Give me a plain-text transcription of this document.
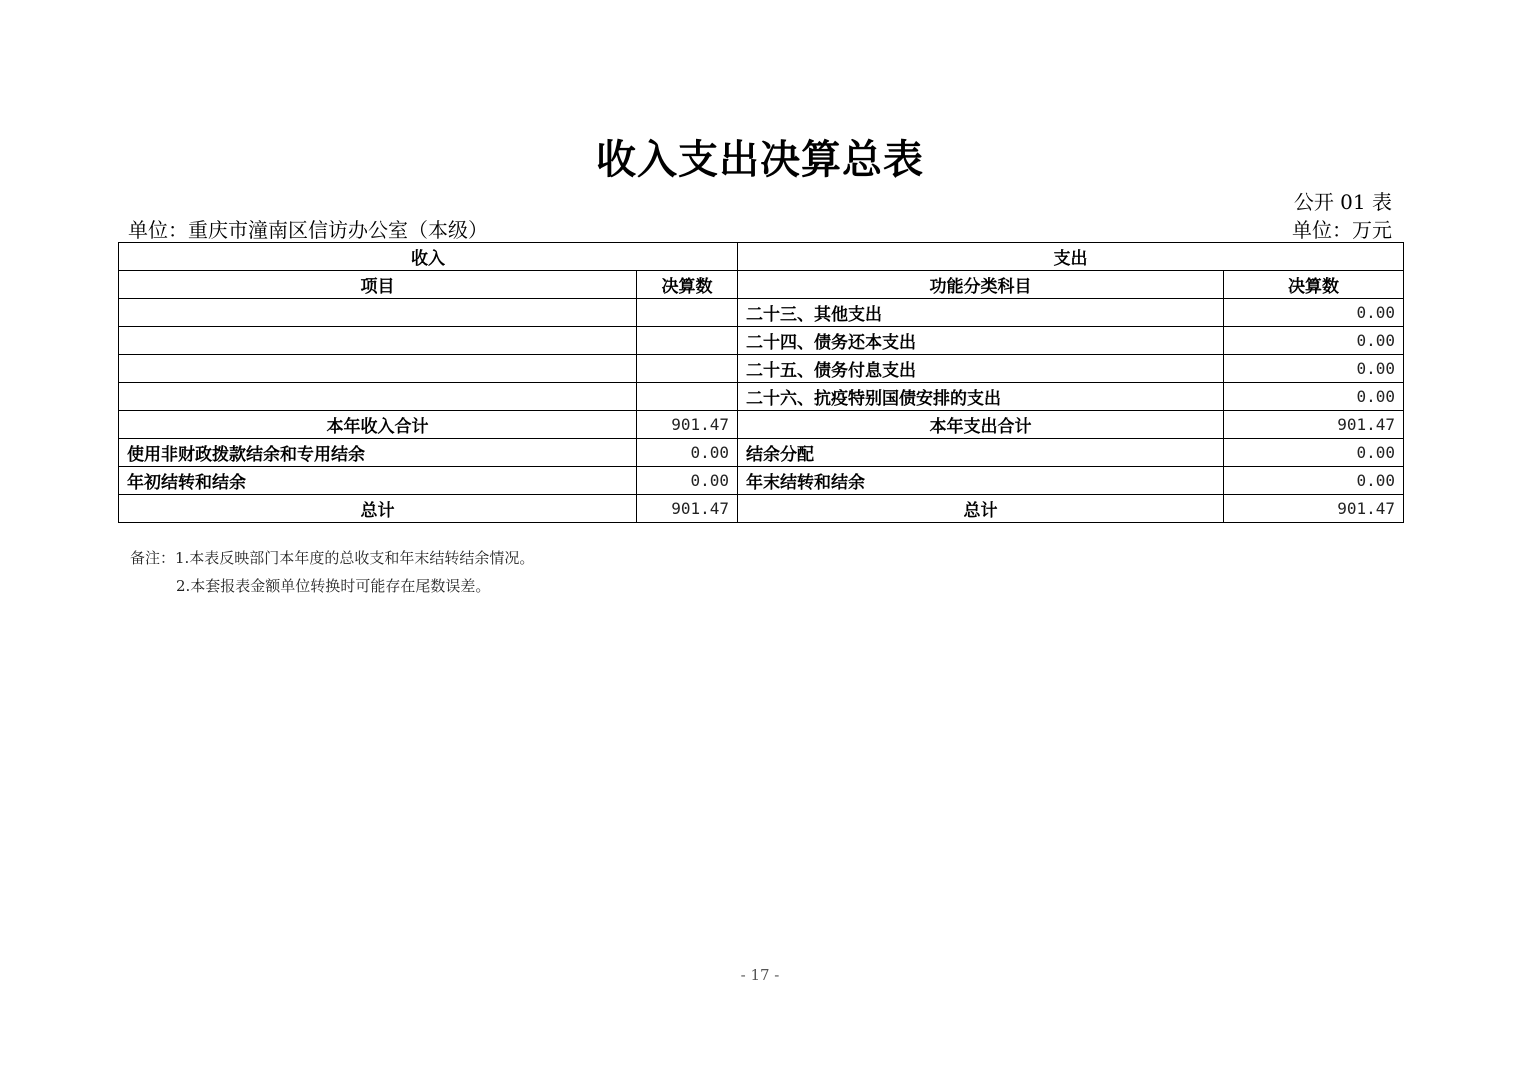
收入支出决算总表
公开 01 表
单位：重庆市潼南区信访办公室（本级）	单位：万元
收入		支出	
项目	决算数	功能分类科目	决算数
		二十三、其他支出	0.00
		二十四、债务还本支出	0.00
		二十五、债务付息支出	0.00
		二十六、抗疫特别国债安排的支出	0.00
本年收入合计	901.47	本年支出合计	901.47
使用非财政拨款结余和专用结余	0.00	结余分配	0.00
年初结转和结余	0.00	年末结转和结余	0.00
总计	901.47	总计	901.47
备注：1.本表反映部门本年度的总收支和年末结转结余情况。
2.本套报表金额单位转换时可能存在尾数误差。
- 17 -
